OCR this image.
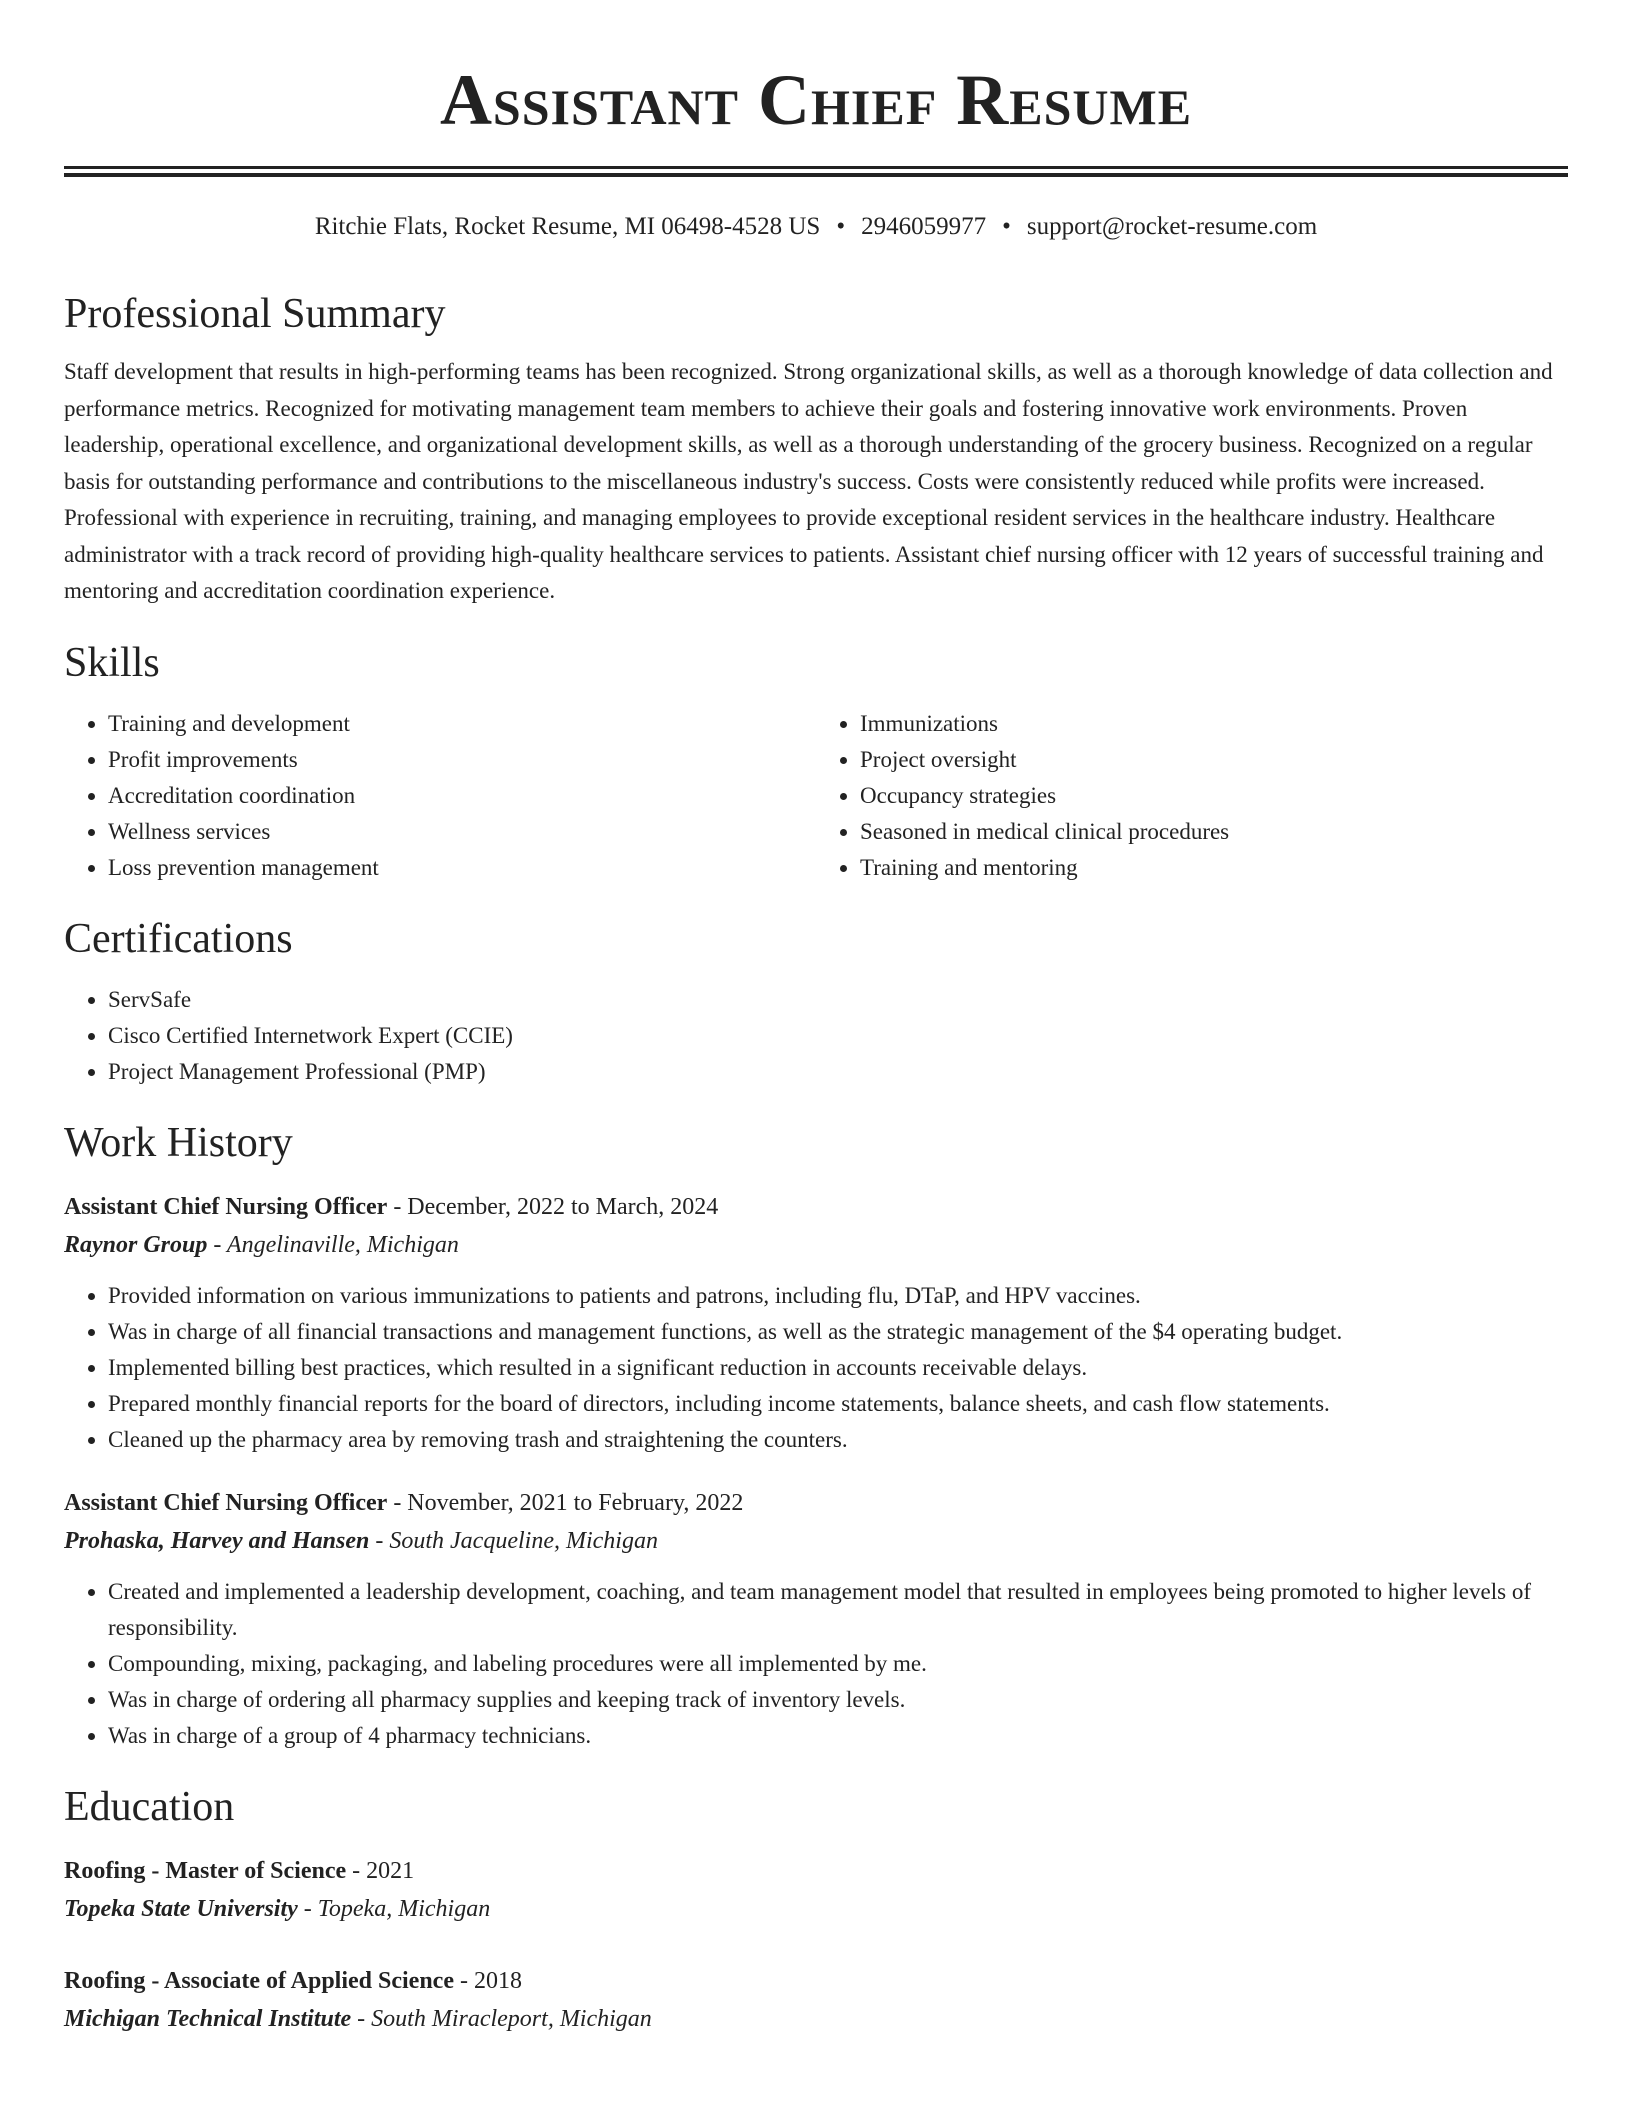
Assistant Chief Resume
Ritchie Flats, Rocket Resume, MI 06498-4528 US • 2946059977 • support@rocket-resume.com
Professional Summary

Staff development that results in high-performing teams has been recognized. Strong organizational skills, as well as a thorough knowledge of data collection and performance metrics. Recognized for motivating management team members to achieve their goals and fostering innovative work environments. Proven leadership, operational excellence, and organizational development skills, as well as a thorough understanding of the grocery business. Recognized on a regular basis for outstanding performance and contributions to the miscellaneous industry's success. Costs were consistently reduced while profits were increased. Professional with experience in recruiting, training, and managing employees to provide exceptional resident services in the healthcare industry. Healthcare administrator with a track record of providing high-quality healthcare services to patients. Assistant chief nursing officer with 12 years of successful training and mentoring and accreditation coordination experience.

Skills
• Training and development
• Profit improvements
• Accreditation coordination
• Wellness services
• Loss prevention management
• Immunizations
• Project oversight
• Occupancy strategies
• Seasoned in medical clinical procedures
• Training and mentoring
Certifications
• ServSafe
• Cisco Certified Internetwork Expert (CCIE)
• Project Management Professional (PMP)
Work History
Assistant Chief Nursing Officer - December, 2022 to March, 2024
Raynor Group - Angelinaville, Michigan
• Provided information on various immunizations to patients and patrons, including flu, DTaP, and HPV vaccines.
• Was in charge of all financial transactions and management functions, as well as the strategic management of the $4 operating budget.
• Implemented billing best practices, which resulted in a significant reduction in accounts receivable delays.
• Prepared monthly financial reports for the board of directors, including income statements, balance sheets, and cash flow statements.
• Cleaned up the pharmacy area by removing trash and straightening the counters.
Assistant Chief Nursing Officer - November, 2021 to February, 2022
Prohaska, Harvey and Hansen - South Jacqueline, Michigan
• Created and implemented a leadership development, coaching, and team management model that resulted in employees being promoted to higher levels of responsibility.
• Compounding, mixing, packaging, and labeling procedures were all implemented by me.
• Was in charge of ordering all pharmacy supplies and keeping track of inventory levels.
• Was in charge of a group of 4 pharmacy technicians.
Education
Roofing - Master of Science - 2021
Topeka State University - Topeka, Michigan
Roofing - Associate of Applied Science - 2018
Michigan Technical Institute - South Miracleport, Michigan
